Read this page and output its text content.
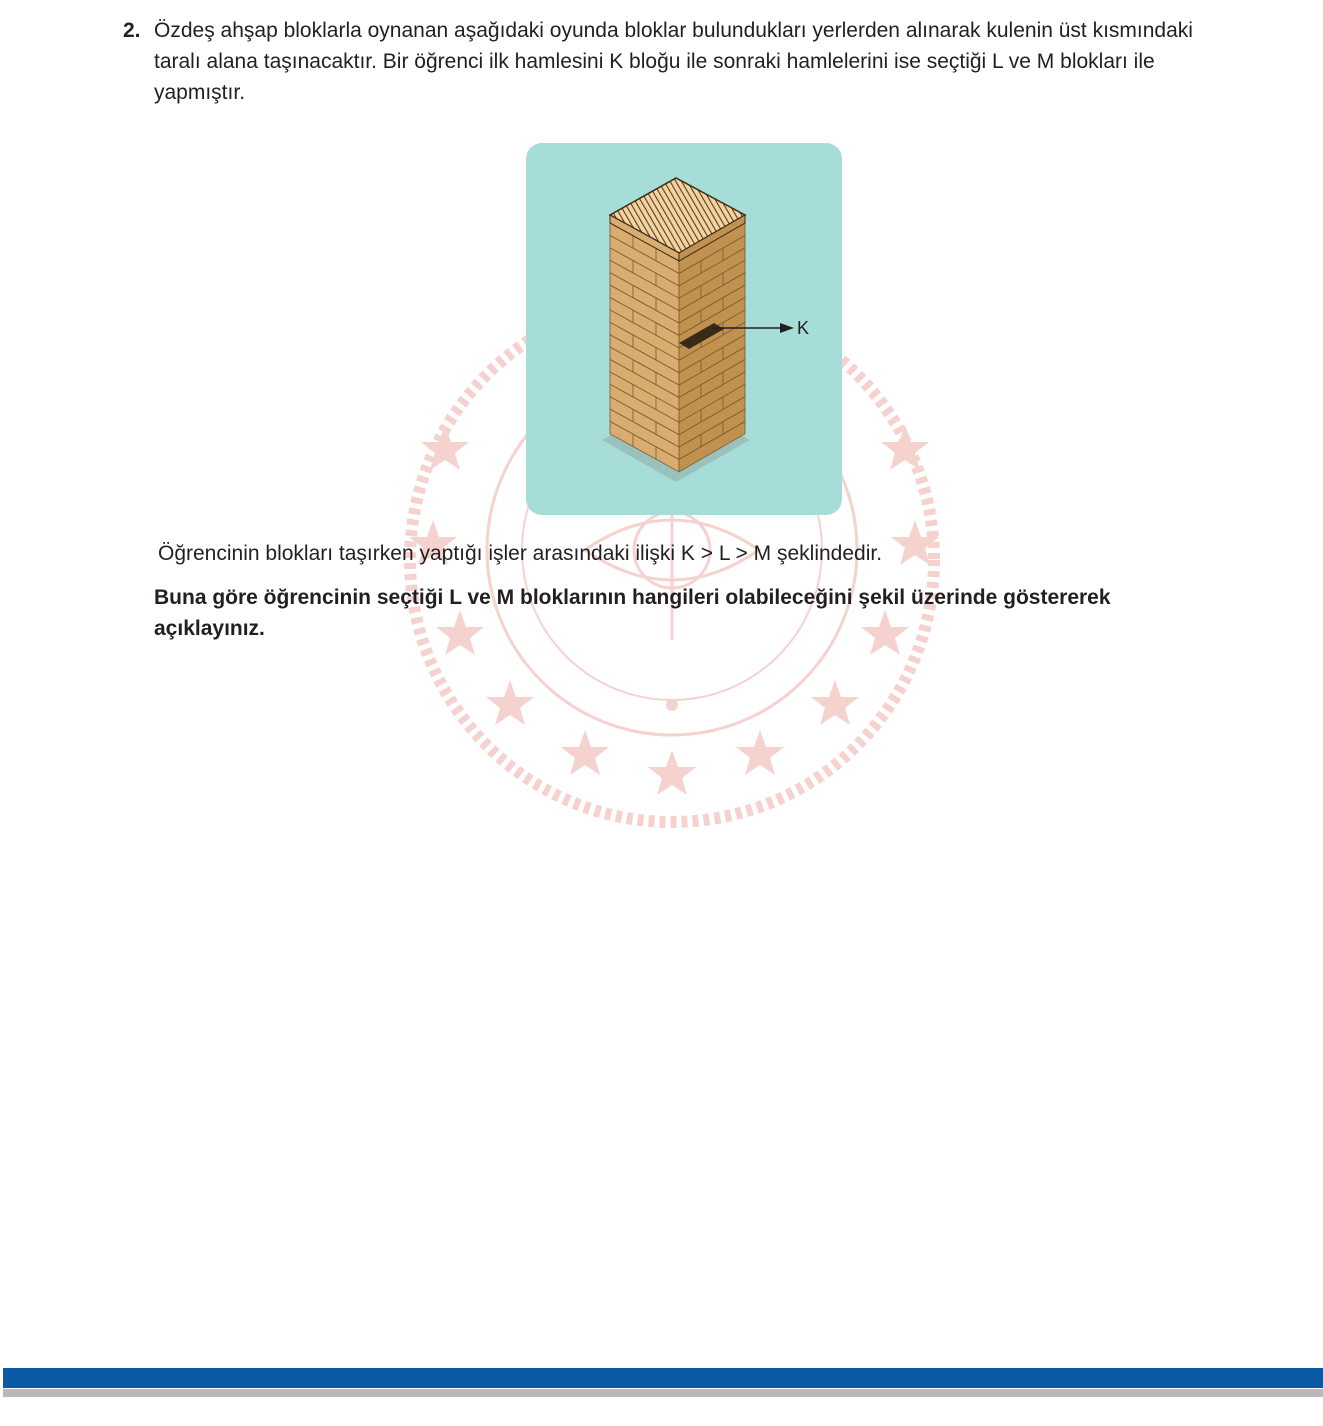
2. Özdeş ahşap bloklarla oynanan aşağıdaki oyunda bloklar bulundukları yerlerden alınarak kulenin üst kısmındaki taralı alana taşınacaktır. Bir öğrenci ilk hamlesini K bloğu ile sonraki hamlelerini ise seçtiği L ve M blokları ile yapmıştır.
K
Öğrencinin blokları taşırken yaptığı işler arasındaki ilişki K > L > M şeklindedir.
Buna göre öğrencinin seçtiği L ve M bloklarının hangileri olabileceğini şekil üzerinde göstererek açıklayınız.
